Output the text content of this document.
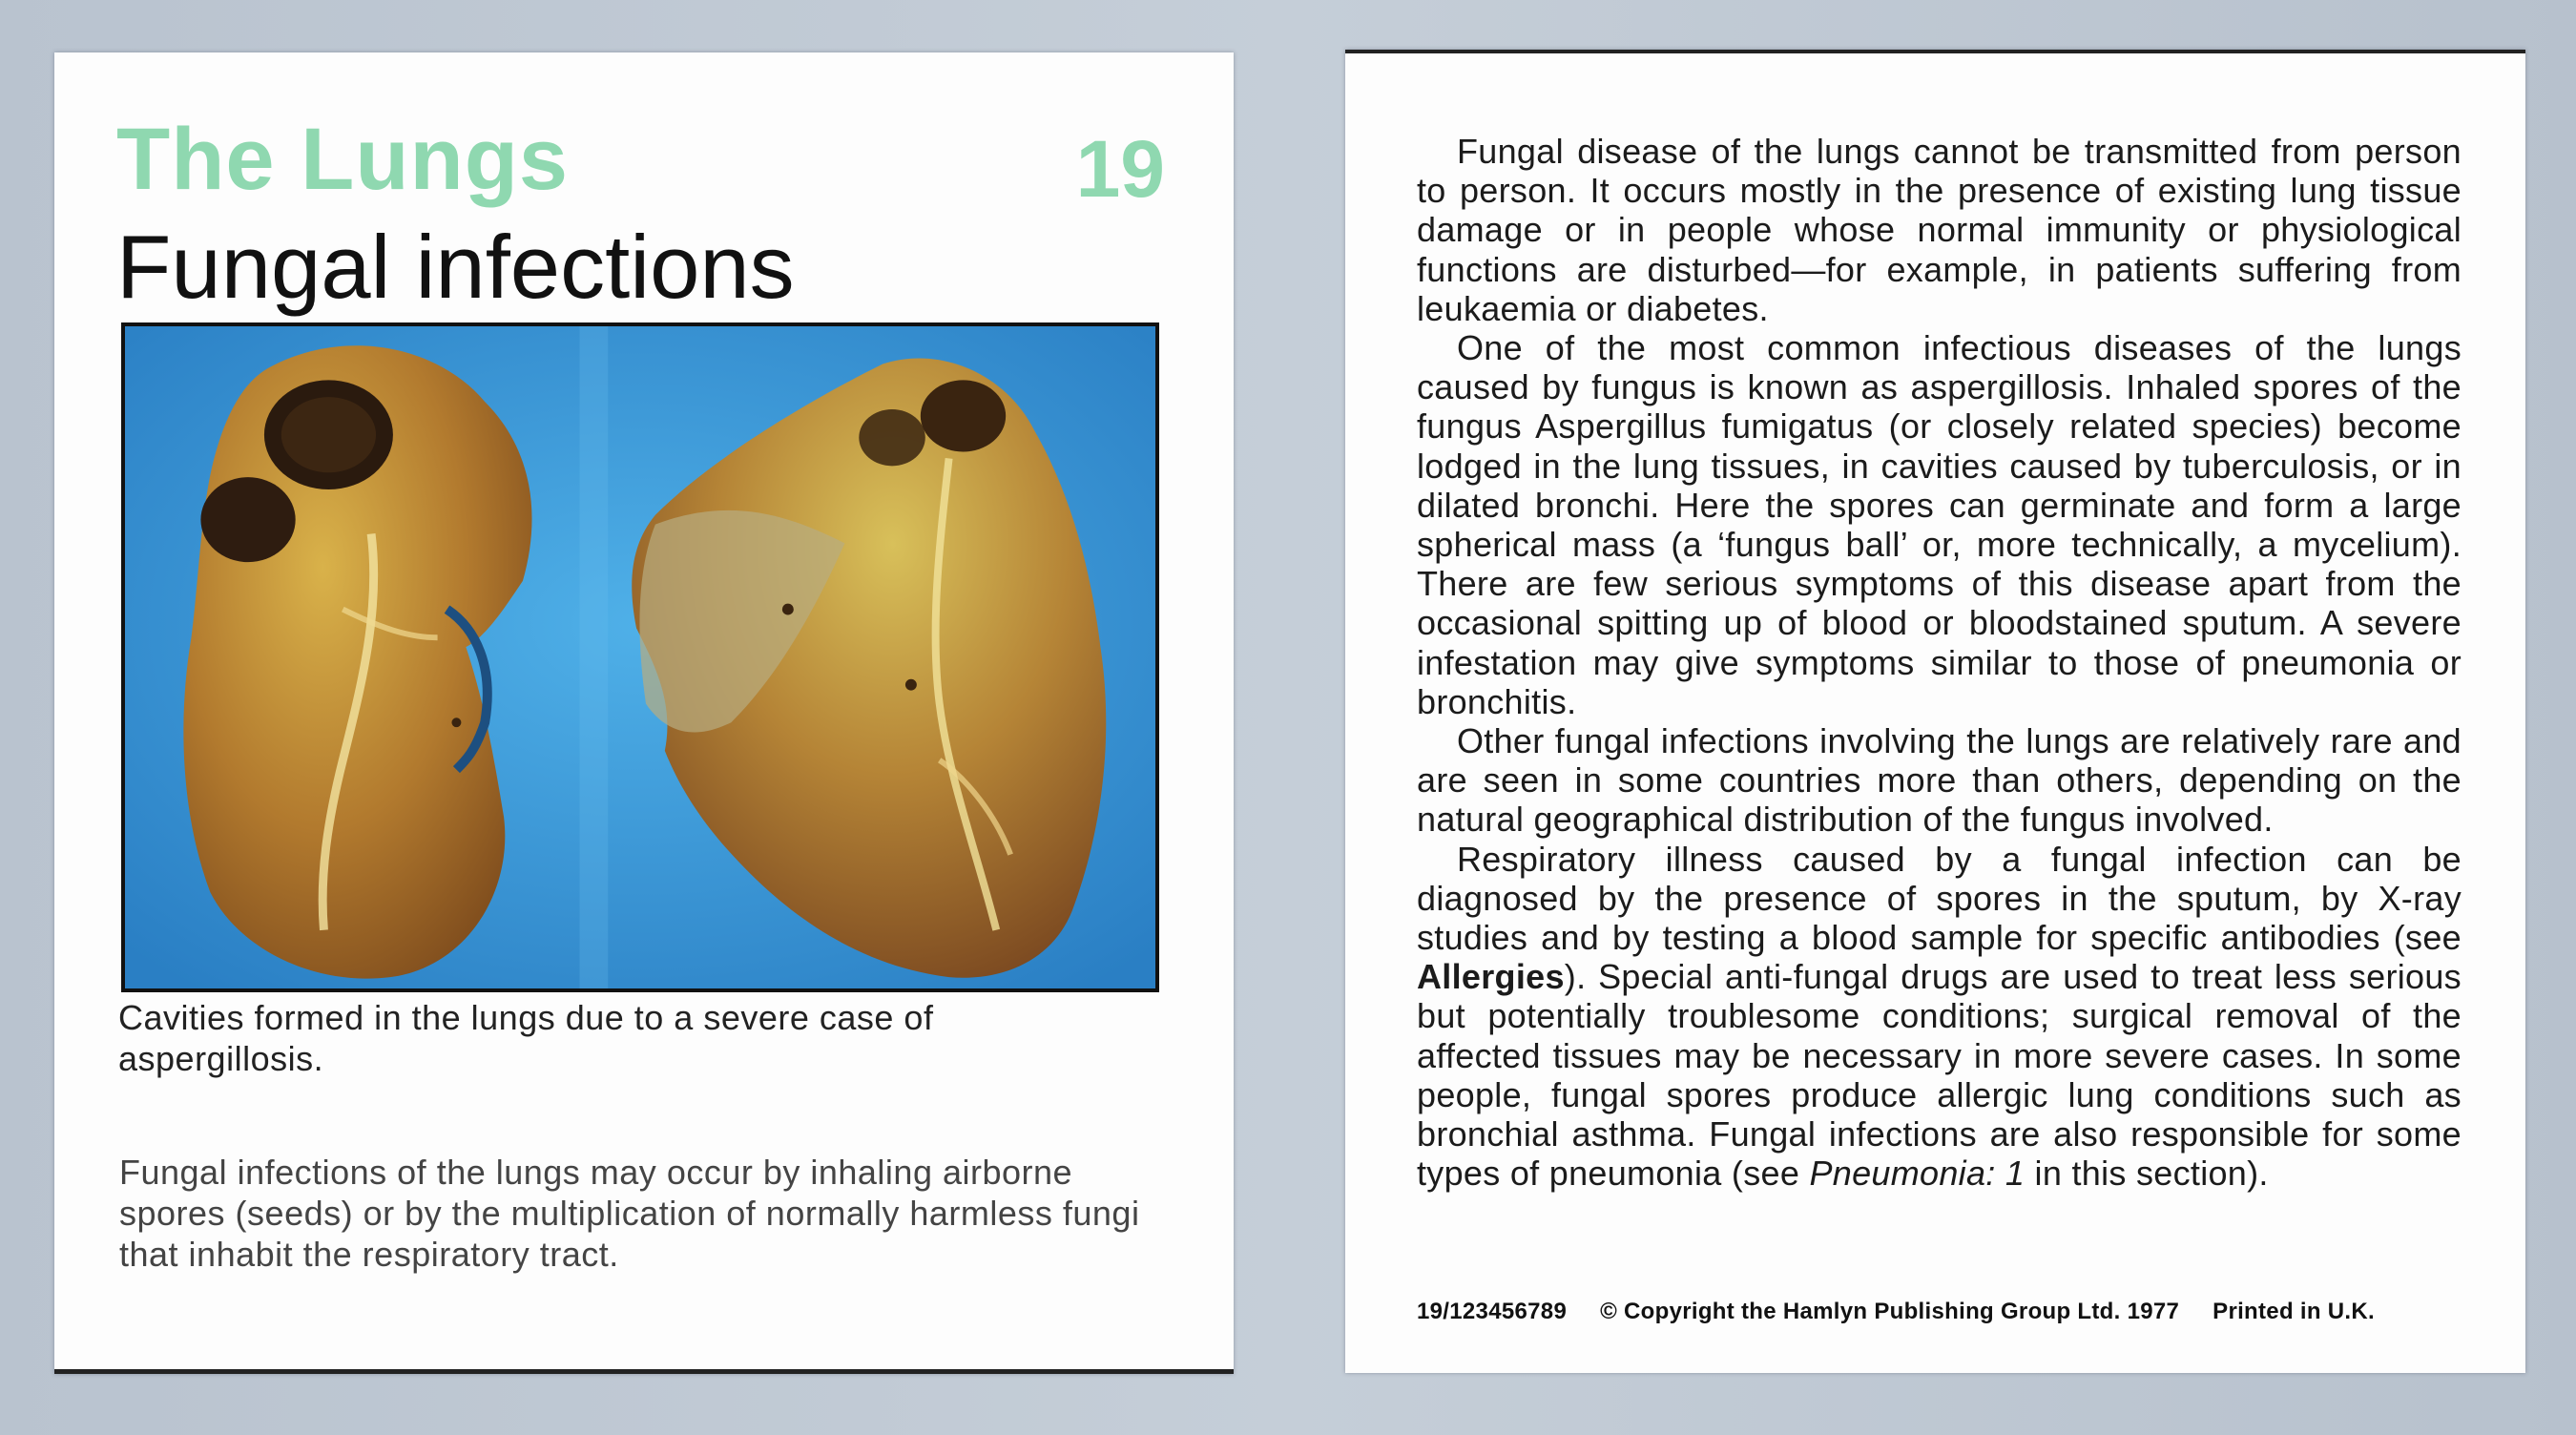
The Lungs	19
Fungal infections
Cavities formed in the lungs due to a severe case of aspergillosis.
Fungal infections of the lungs may occur by inhaling airborne spores (seeds) or by the multiplication of normally harmless fungi that inhabit the respiratory tract.

Fungal disease of the lungs cannot be transmitted from person to person. It occurs mostly in the presence of existing lung tissue damage or in people whose normal immunity or physiological functions are disturbed—for example, in patients suffering from leukaemia or diabetes.

One of the most common infectious diseases of the lungs caused by fungus is known as aspergillosis. Inhaled spores of the fungus Aspergillus fumigatus (or closely related species) become lodged in the lung tissues, in cavities caused by tuberculosis, or in dilated bronchi. Here the spores can germinate and form a large spherical mass (a ‘fungus ball’ or, more technically, a mycelium). There are few serious symptoms of this disease apart from the occasional spitting up of blood or bloodstained sputum. A severe infestation may give symptoms similar to those of pneumonia or bronchitis.

Other fungal infections involving the lungs are relatively rare and are seen in some countries more than others, depending on the natural geographical distribution of the fungus involved.

Respiratory illness caused by a fungal infection can be diagnosed by the presence of spores in the sputum, by X-ray studies and by testing a blood sample for specific antibodies (see Allergies). Special anti-fungal drugs are used to treat less serious but potentially troublesome conditions; surgical removal of the affected tissues may be necessary in more severe cases. In some people, fungal spores produce allergic lung conditions such as bronchial asthma. Fungal infections are also responsible for some types of pneumonia (see Pneumonia: 1 in this section).

19/123456789 © Copyright the Hamlyn Publishing Group Ltd. 1977 Printed in U.K.
